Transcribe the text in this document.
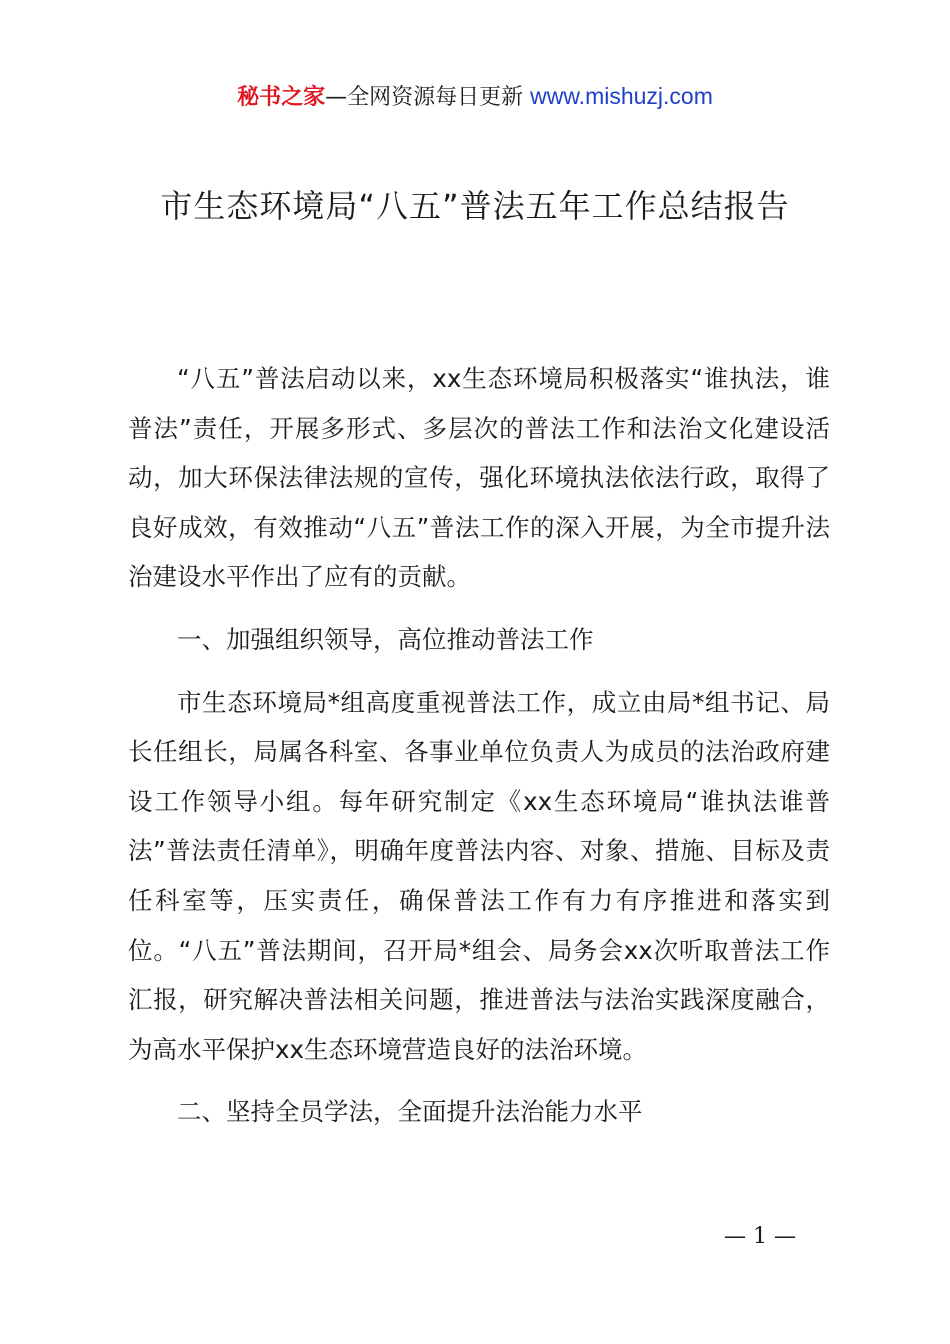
秘书之家—全网资源每日更新 www.mishuzj.com
市生态环境局“八五”普法五年工作总结报告

“八五”普法启动以来，xx生态环境局积极落实“谁执法，谁普法”责任，开展多形式、多层次的普法工作和法治文化建设活动，加大环保法律法规的宣传，强化环境执法依法行政，取得了良好成效，有效推动“八五”普法工作的深入开展，为全市提升法治建设水平作出了应有的贡献。

一、加强组织领导，高位推动普法工作

市生态环境局*组高度重视普法工作，成立由局*组书记、局长任组长，局属各科室、各事业单位负责人为成员的法治政府建设工作领导小组。每年研究制定《xx生态环境局“谁执法谁普法”普法责任清单》，明确年度普法内容、对象、措施、目标及责任科室等，压实责任，确保普法工作有力有序推进和落实到位。“八五”普法期间，召开局*组会、局务会xx次听取普法工作汇报，研究解决普法相关问题，推进普法与法治实践深度融合，为高水平保护xx生态环境营造良好的法治环境。

二、坚持全员学法，全面提升法治能力水平

— 1 —
